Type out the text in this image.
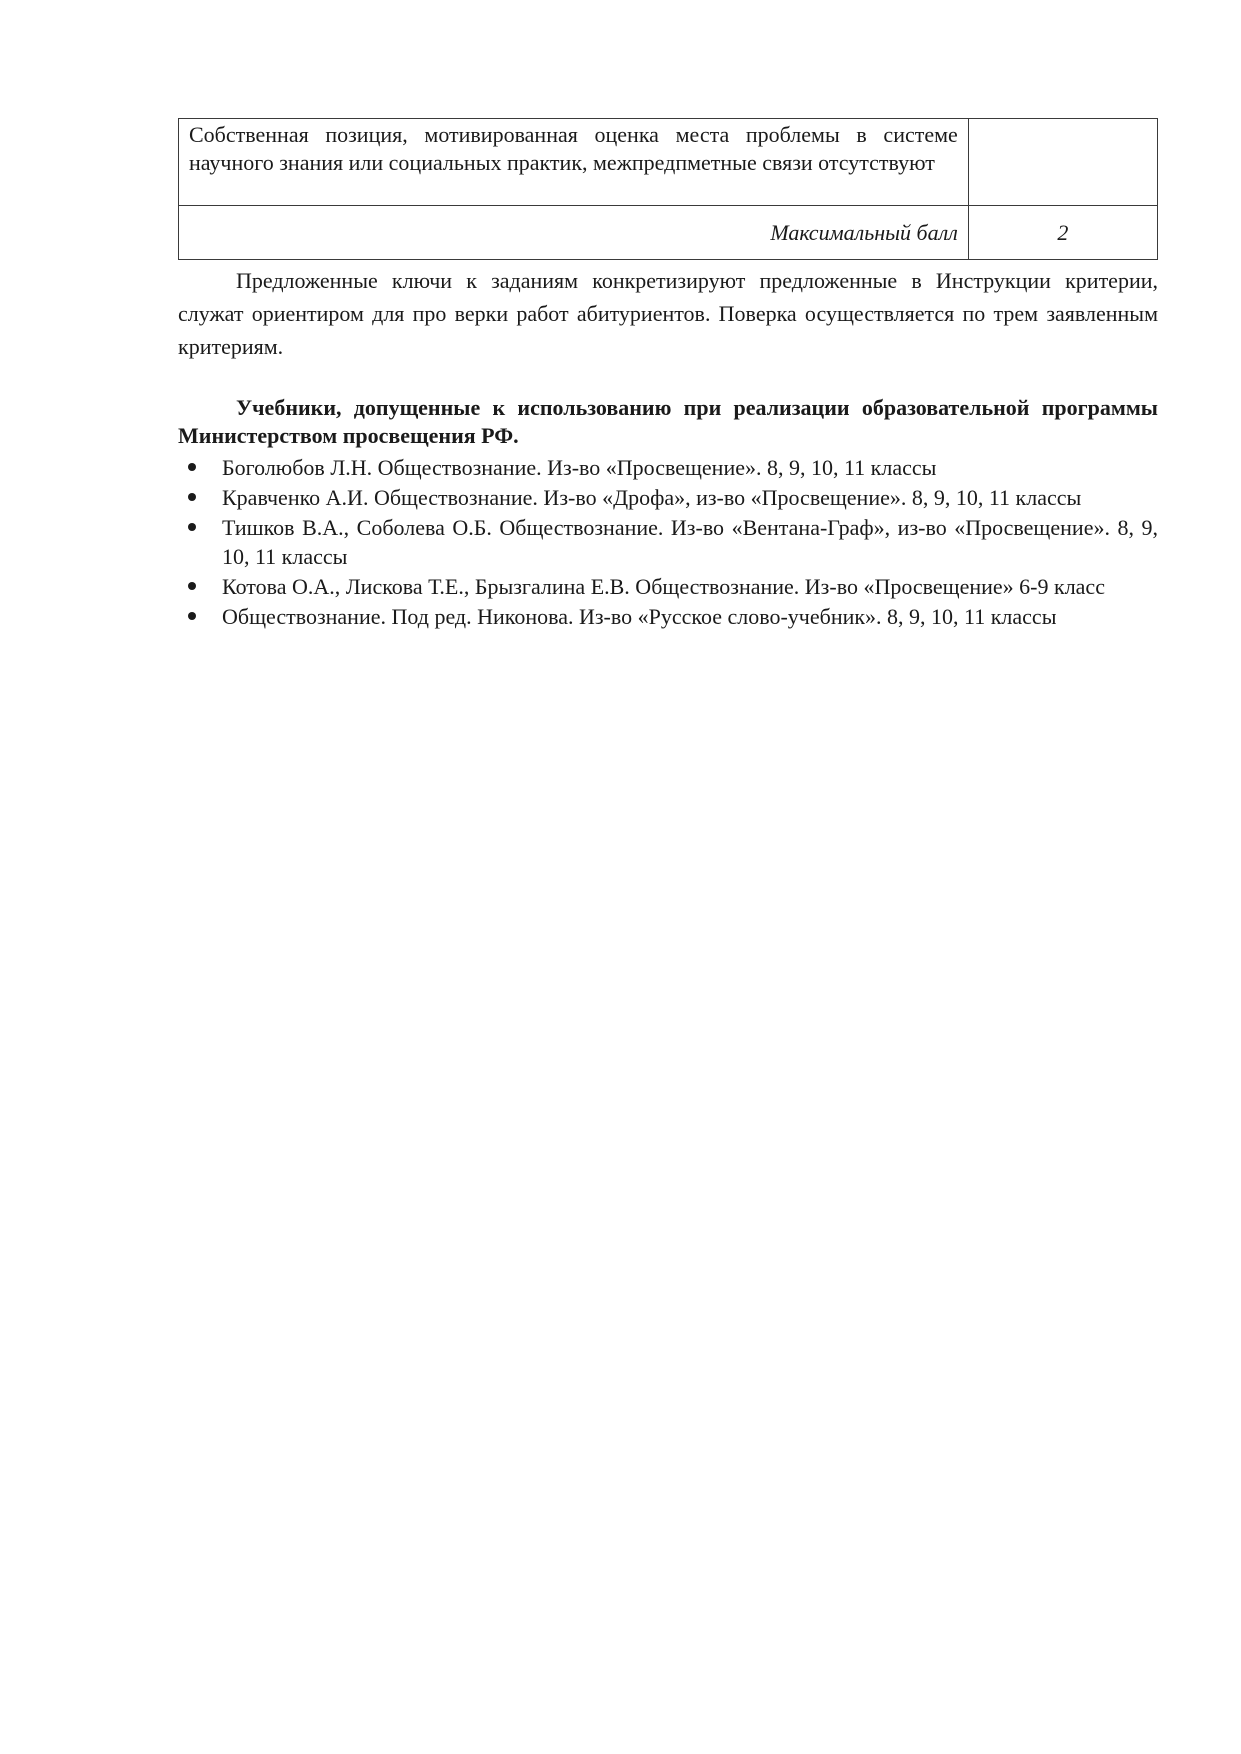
Собственная позиция, мотивированная оценка места проблемы в системе научного знания или социальных практик, межпредпметные связи отсутствуют	
Максимальный балл	2

Предложенные ключи к заданиям конкретизируют предложенные в Инструкции критерии, служат ориентиром для про верки работ абитуриентов. Поверка осуществляется по трем заявленным критериям.

Учебники, допущенные к использованию при реализации образовательной программы Министерством просвещения РФ.
Боголюбов Л.Н. Обществознание. Из-во «Просвещение». 8, 9, 10, 11 классы
Кравченко А.И. Обществознание. Из-во «Дрофа», из-во «Просвещение». 8, 9, 10, 11 классы
Тишков В.А., Соболева О.Б. Обществознание. Из-во «Вентана-Граф», из-во «Просвещение». 8, 9, 10, 11 классы
Котова О.А., Лискова Т.Е., Брызгалина Е.В. Обществознание. Из-во «Просвещение» 6-9 класс
Обществознание. Под ред. Никонова. Из-во «Русское слово-учебник». 8, 9, 10, 11 классы
